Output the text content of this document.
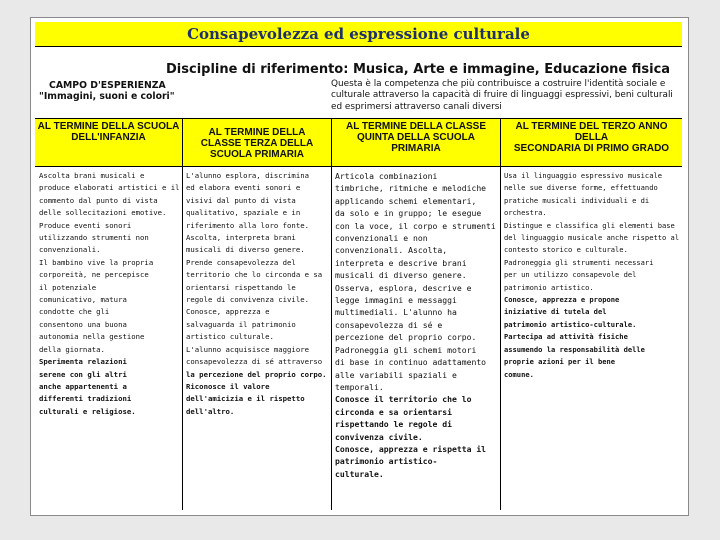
Consapevolezza ed espressione culturale
Discipline di riferimento: Musica, Arte e immagine, Educazione fisica
CAMPO D'ESPERIENZA
"Immagini, suoni e colori"
Questa è la competenza che più contribuisce a costruire l'identità sociale e
culturale attraverso la capacità di fruire di linguaggi espressivi, beni culturali
ed esprimersi attraverso canali diversi
AL TERMINE DELLA SCUOLA
DELL'INFANZIA	AL TERMINE DELLA
CLASSE TERZA DELLA
SCUOLA PRIMARIA
AL TERMINE DELLA CLASSE
QUINTA DELLA SCUOLA
PRIMARIA
AL TERMINE DEL TERZO ANNO DELLA
SECONDARIA DI PRIMO GRADO
Ascolta brani musicali e
produce elaborati artistici e il
commento dal punto di vista
delle sollecitazioni emotive.
Produce eventi sonori
utilizzando strumenti non
convenzionali.
Il bambino vive la propria
corporeità, ne percepisce
il potenziale
comunicativo, matura
condotte che gli
consentono una buona
autonomia nella gestione
della giornata.
Sperimenta relazioni
serene con gli altri
anche appartenenti a
differenti tradizioni
culturali e religiose.
L'alunno esplora, discrimina
ed elabora eventi sonori e
visivi dal punto di vista
qualitativo, spaziale e in
riferimento alla loro fonte.
Ascolta, interpreta brani
musicali di diverso genere.
Prende consapevolezza del
territorio che lo circonda e sa
orientarsi rispettando le
regole di convivenza civile.
Conosce, apprezza e
salvaguarda il patrimonio
artistico culturale.
L'alunno acquisisce maggiore
consapevolezza di sé attraverso
la percezione del proprio corpo.
Riconosce il valore
dell'amicizia e il rispetto
dell'altro.
Articola combinazioni
timbriche, ritmiche e melodiche
applicando schemi elementari,
da solo e in gruppo; le esegue
con la voce, il corpo e strumenti
convenzionali e non
convenzionali. Ascolta,
interpreta e descrive brani
musicali di diverso genere.
Osserva, esplora, descrive e
legge immagini e messaggi
multimediali. L'alunno ha
consapevolezza di sé e
percezione del proprio corpo.
Padroneggia gli schemi motori
di base in continuo adattamento
alle variabili spaziali e
temporali.
Conosce il territorio che lo
circonda e sa orientarsi
rispettando le regole di
convivenza civile.
Conosce, apprezza e rispetta il
patrimonio artistico-
culturale.
Usa il linguaggio espressivo musicale
nelle sue diverse forme, effettuando
pratiche musicali individuali e di
orchestra.
Distingue e classifica gli elementi base
del linguaggio musicale anche rispetto al
contesto storico e culturale.
Padroneggia gli strumenti necessari
per un utilizzo consapevole del
patrimonio artistico.
Conosce, apprezza e propone
iniziative di tutela del
patrimonio artistico-culturale.
Partecipa ad attività fisiche
assumendo la responsabilità delle
proprie azioni per il bene
comune.
